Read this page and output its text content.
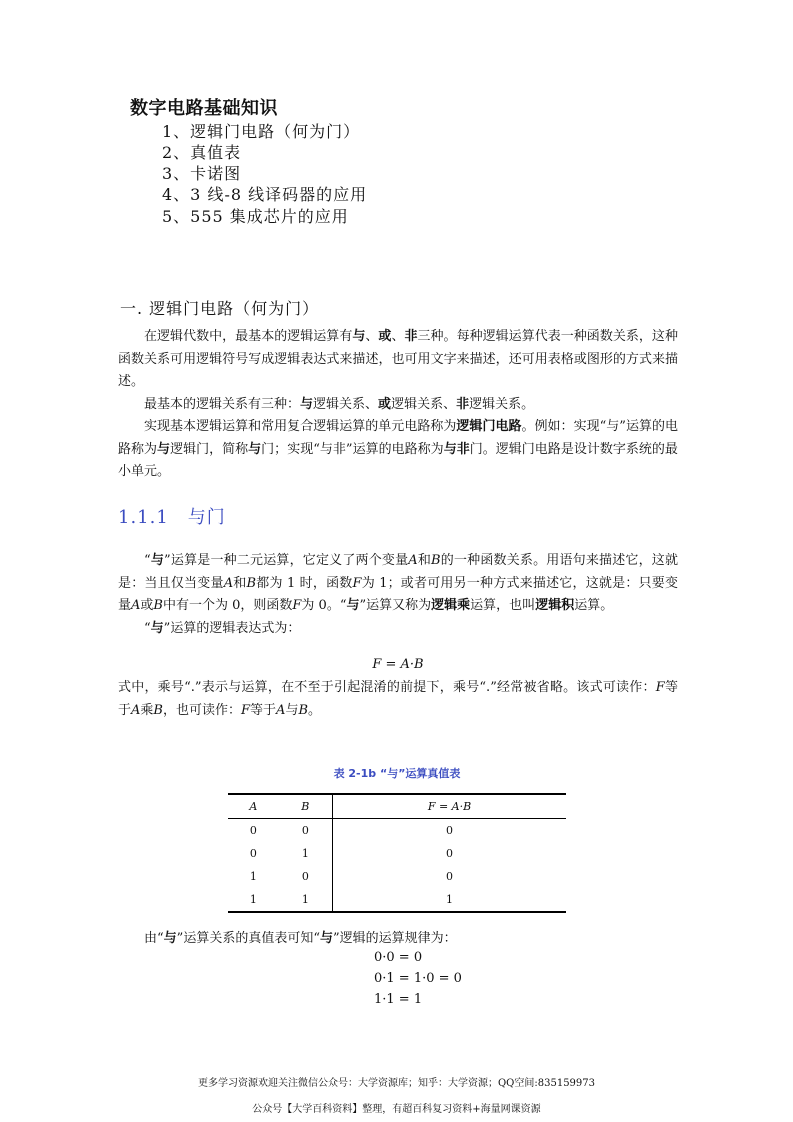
数字电路基础知识
1、逻辑门电路（何为门）
2、真值表
3、卡诺图
4、3 线-8 线译码器的应用
5、555 集成芯片的应用
一. 逻辑门电路（何为门）

在逻辑代数中，最基本的逻辑运算有与、或、非三种。每种逻辑运算代表一种函数关系，这种函数关系可用逻辑符号写成逻辑表达式来描述，也可用文字来描述，还可用表格或图形的方式来描述。

最基本的逻辑关系有三种：与逻辑关系、或逻辑关系、非逻辑关系。

实现基本逻辑运算和常用复合逻辑运算的单元电路称为逻辑门电路。例如：实现“与”运算的电路称为与逻辑门，简称与门；实现“与非”运算的电路称为与非门。逻辑门电路是设计数字系统的最小单元。

1.1.1　与门

“与”运算是一种二元运算，它定义了两个变量A和B的一种函数关系。用语句来描述它，这就是：当且仅当变量A和B都为 1 时，函数F为 1；或者可用另一种方式来描述它，这就是：只要变量A或B中有一个为 0，则函数F为 0。“与”运算又称为逻辑乘运算，也叫逻辑积运算。

“与”运算的逻辑表达式为：

F = A·B

式中，乘号“.”表示与运算，在不至于引起混淆的前提下，乘号“.”经常被省略。该式可读作：F等于A乘B，也可读作：F等于A与B。

表 2-1b “与”运算真值表
A	B	F = A·B
0	0	0
0	1	0
1	0	0
1	1	1

由“与”运算关系的真值表可知“与”逻辑的运算规律为：

0·0 = 0
0·1 = 1·0 = 0
1·1 = 1
更多学习资源欢迎关注微信公众号：大学资源库；知乎：大学资源；QQ空间:835159973
公众号【大学百科资料】整理，有超百科复习资料+海量网课资源
